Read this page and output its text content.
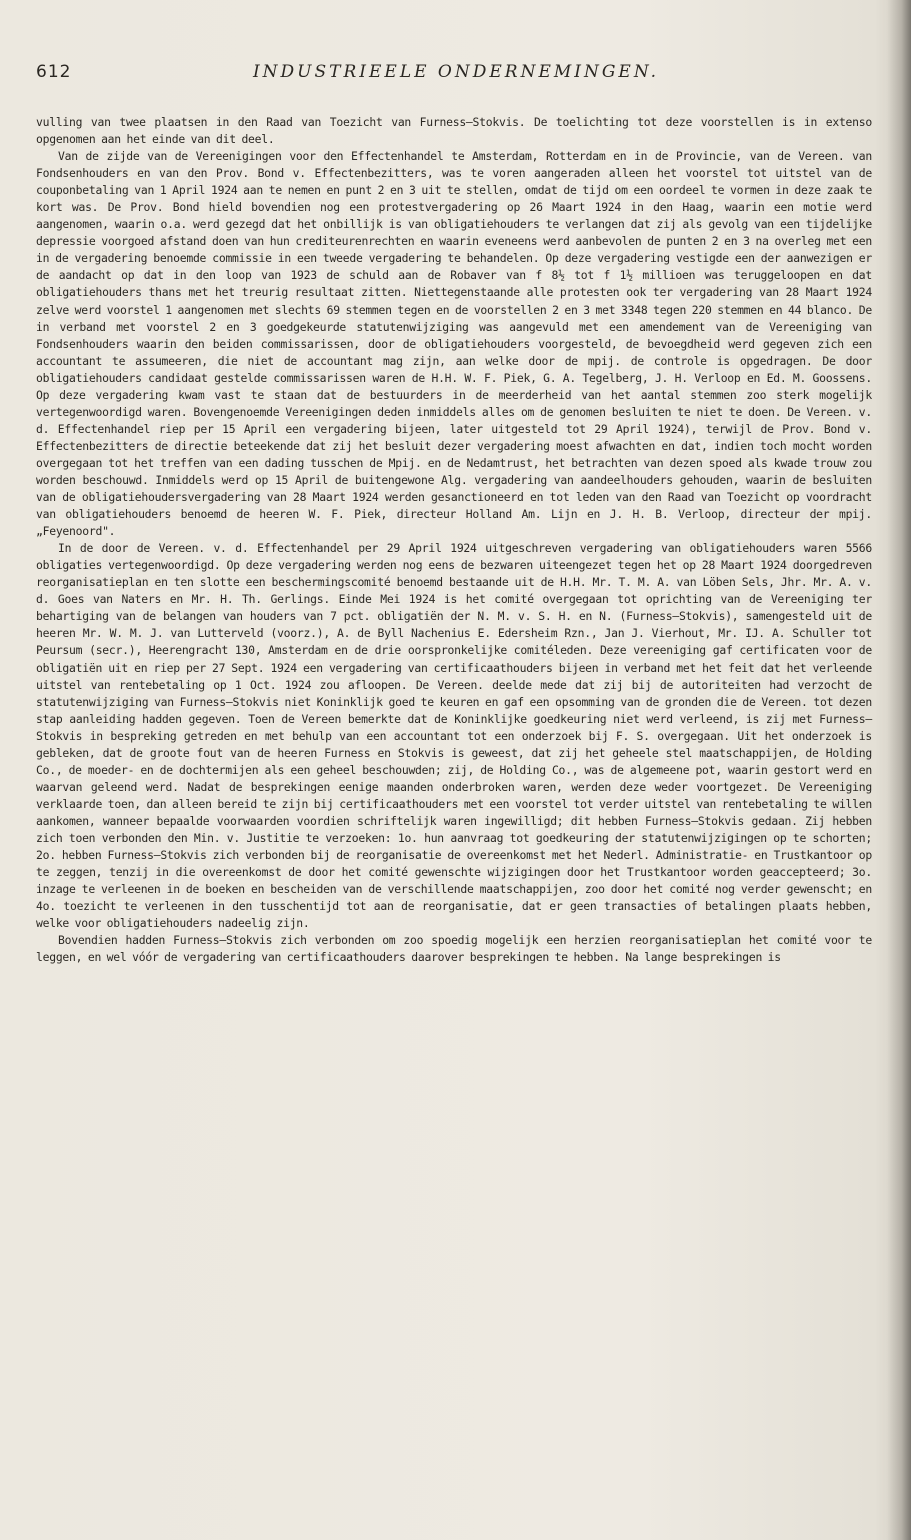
612	INDUSTRIEELE ONDERNEMINGEN.

vulling van twee plaatsen in den Raad van Toezicht van Furness—Stokvis. De toelichting tot deze voorstellen is in extenso opgenomen aan het einde van dit deel.

Van de zijde van de Vereenigingen voor den Effectenhandel te Amsterdam, Rotterdam en in de Provincie, van de Vereen. van Fondsenhouders en van den Prov. Bond v. Effectenbezitters, was te voren aangeraden alleen het voorstel tot uitstel van de couponbetaling van 1 April 1924 aan te nemen en punt 2 en 3 uit te stellen, omdat de tijd om een oordeel te vormen in deze zaak te kort was. De Prov. Bond hield bovendien nog een protestvergadering op 26 Maart 1924 in den Haag, waarin een motie werd aangenomen, waarin o.a. werd gezegd dat het onbillijk is van obligatiehouders te verlangen dat zij als gevolg van een tijdelijke depressie voorgoed afstand doen van hun crediteurenrechten en waarin eveneens werd aanbevolen de punten 2 en 3 na overleg met een in de vergadering benoemde commissie in een tweede vergadering te behandelen. Op deze vergadering vestigde een der aanwezigen er de aandacht op dat in den loop van 1923 de schuld aan de Robaver van f 8½ tot f 1½ millioen was teruggeloopen en dat obligatiehouders thans met het treurig resultaat zitten. Niettegenstaande alle protesten ook ter vergadering van 28 Maart 1924 zelve werd voorstel 1 aangenomen met slechts 69 stemmen tegen en de voorstellen 2 en 3 met 3348 tegen 220 stemmen en 44 blanco. De in verband met voorstel 2 en 3 goedgekeurde statutenwijziging was aangevuld met een amendement van de Vereeniging van Fondsenhouders waarin den beiden commissarissen, door de obligatiehouders voorgesteld, de bevoegdheid werd gegeven zich een accountant te assumeeren, die niet de accountant mag zijn, aan welke door de mpij. de controle is opgedragen. De door obligatiehouders candidaat gestelde commissarissen waren de H.H. W. F. Piek, G. A. Tegelberg, J. H. Verloop en Ed. M. Goossens. Op deze vergadering kwam vast te staan dat de bestuurders in de meerderheid van het aantal stemmen zoo sterk mogelijk vertegenwoordigd waren. Bovengenoemde Vereenigingen deden inmiddels alles om de genomen besluiten te niet te doen. De Vereen. v. d. Effectenhandel riep per 15 April een vergadering bijeen, later uitgesteld tot 29 April 1924), terwijl de Prov. Bond v. Effectenbezitters de directie beteekende dat zij het besluit dezer vergadering moest afwachten en dat, indien toch mocht worden overgegaan tot het treffen van een dading tusschen de Mpij. en de Nedamtrust, het betrachten van dezen spoed als kwade trouw zou worden beschouwd. Inmiddels werd op 15 April de buitengewone Alg. vergadering van aandeelhouders gehouden, waarin de besluiten van de obligatiehoudersvergadering van 28 Maart 1924 werden gesanctioneerd en tot leden van den Raad van Toezicht op voordracht van obligatiehouders benoemd de heeren W. F. Piek, directeur Holland Am. Lijn en J. H. B. Verloop, directeur der mpij. „Feyenoord".

In de door de Vereen. v. d. Effectenhandel per 29 April 1924 uitgeschreven vergadering van obligatiehouders waren 5566 obligaties vertegenwoordigd. Op deze vergadering werden nog eens de bezwaren uiteengezet tegen het op 28 Maart 1924 doorgedreven reorganisatieplan en ten slotte een beschermingscomité benoemd bestaande uit de H.H. Mr. T. M. A. van Löben Sels, Jhr. Mr. A. v. d. Goes van Naters en Mr. H. Th. Gerlings. Einde Mei 1924 is het comité overgegaan tot oprichting van de Vereeniging ter behartiging van de belangen van houders van 7 pct. obligatiën der N. M. v. S. H. en N. (Furness—Stokvis), samengesteld uit de heeren Mr. W. M. J. van Lutterveld (voorz.), A. de Byll Nachenius E. Edersheim Rzn., Jan J. Vierhout, Mr. IJ. A. Schuller tot Peursum (secr.), Heerengracht 130, Amsterdam en de drie oorspronkelijke comitéleden. Deze vereeniging gaf certificaten voor de obligatiën uit en riep per 27 Sept. 1924 een vergadering van certificaathouders bijeen in verband met het feit dat het verleende uitstel van rentebetaling op 1 Oct. 1924 zou afloopen. De Vereen. deelde mede dat zij bij de autoriteiten had verzocht de statutenwijziging van Furness—Stokvis niet Koninklijk goed te keuren en gaf een opsomming van de gronden die de Vereen. tot dezen stap aanleiding hadden gegeven. Toen de Vereen bemerkte dat de Koninklijke goedkeuring niet werd verleend, is zij met Furness—Stokvis in bespreking getreden en met behulp van een accountant tot een onderzoek bij F. S. overgegaan. Uit het onderzoek is gebleken, dat de groote fout van de heeren Furness en Stokvis is geweest, dat zij het geheele stel maatschappijen, de Holding Co., de moeder- en de dochtermijen als een geheel beschouwden; zij, de Holding Co., was de algemeene pot, waarin gestort werd en waarvan geleend werd. Nadat de besprekingen eenige maanden onderbroken waren, werden deze weder voortgezet. De Vereeniging verklaarde toen, dan alleen bereid te zijn bij certificaathouders met een voorstel tot verder uitstel van rentebetaling te willen aankomen, wanneer bepaalde voorwaarden voordien schriftelijk waren ingewilligd; dit hebben Furness—Stokvis gedaan. Zij hebben zich toen verbonden den Min. v. Justitie te verzoeken: 1o. hun aanvraag tot goedkeuring der statutenwijzigingen op te schorten; 2o. hebben Furness—Stokvis zich verbonden bij de reorganisatie de overeenkomst met het Nederl. Administratie- en Trustkantoor op te zeggen, tenzij in die overeenkomst de door het comité gewenschte wijzigingen door het Trustkantoor worden geaccepteerd; 3o. inzage te verleenen in de boeken en bescheiden van de verschillende maatschappijen, zoo door het comité nog verder gewenscht; en 4o. toezicht te verleenen in den tusschentijd tot aan de reorganisatie, dat er geen transacties of betalingen plaats hebben, welke voor obligatiehouders nadeelig zijn.

Bovendien hadden Furness—Stokvis zich verbonden om zoo spoedig mogelijk een herzien reorganisatieplan het comité voor te leggen, en wel vóór de vergadering van certificaathouders daarover besprekingen te hebben. Na lange besprekingen is
